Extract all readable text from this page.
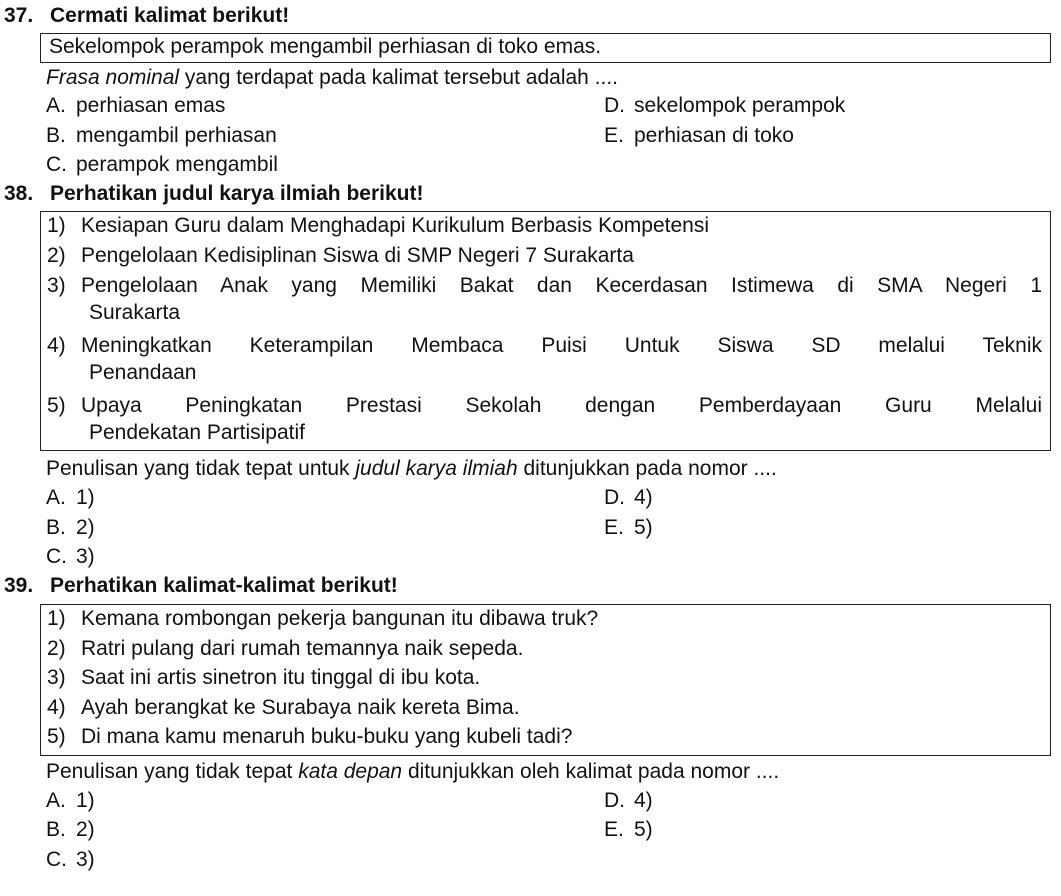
37. Cermati kalimat berikut!
Sekelompok perampok mengambil perhiasan di toko emas.
Frasa nominal yang terdapat pada kalimat tersebut adalah ....
A. perhiasan emas
B. mengambil perhiasan
C. perampok mengambil
D. sekelompok perampok
E. perhiasan di toko
38. Perhatikan judul karya ilmiah berikut!
1) Kesiapan Guru dalam Menghadapi Kurikulum Berbasis Kompetensi
2) Pengelolaan Kedisiplinan Siswa di SMP Negeri 7 Surakarta
3) Pengelolaan Anak yang Memiliki Bakat dan Kecerdasan Istimewa di SMA Negeri 1
Surakarta
4) Meningkatkan Keterampilan Membaca Puisi Untuk Siswa SD melalui Teknik
Penandaan
5) Upaya Peningkatan Prestasi Sekolah dengan Pemberdayaan Guru Melalui
Pendekatan Partisipatif
Penulisan yang tidak tepat untuk judul karya ilmiah ditunjukkan pada nomor ....
A. 1)
B. 2)
C. 3)
D. 4)
E. 5)
39. Perhatikan kalimat-kalimat berikut!
1) Kemana rombongan pekerja bangunan itu dibawa truk?
2) Ratri pulang dari rumah temannya naik sepeda.
3) Saat ini artis sinetron itu tinggal di ibu kota.
4) Ayah berangkat ke Surabaya naik kereta Bima.
5) Di mana kamu menaruh buku-buku yang kubeli tadi?
Penulisan yang tidak tepat kata depan ditunjukkan oleh kalimat pada nomor ....
A. 1)
B. 2)
C. 3)
D. 4)
E. 5)
